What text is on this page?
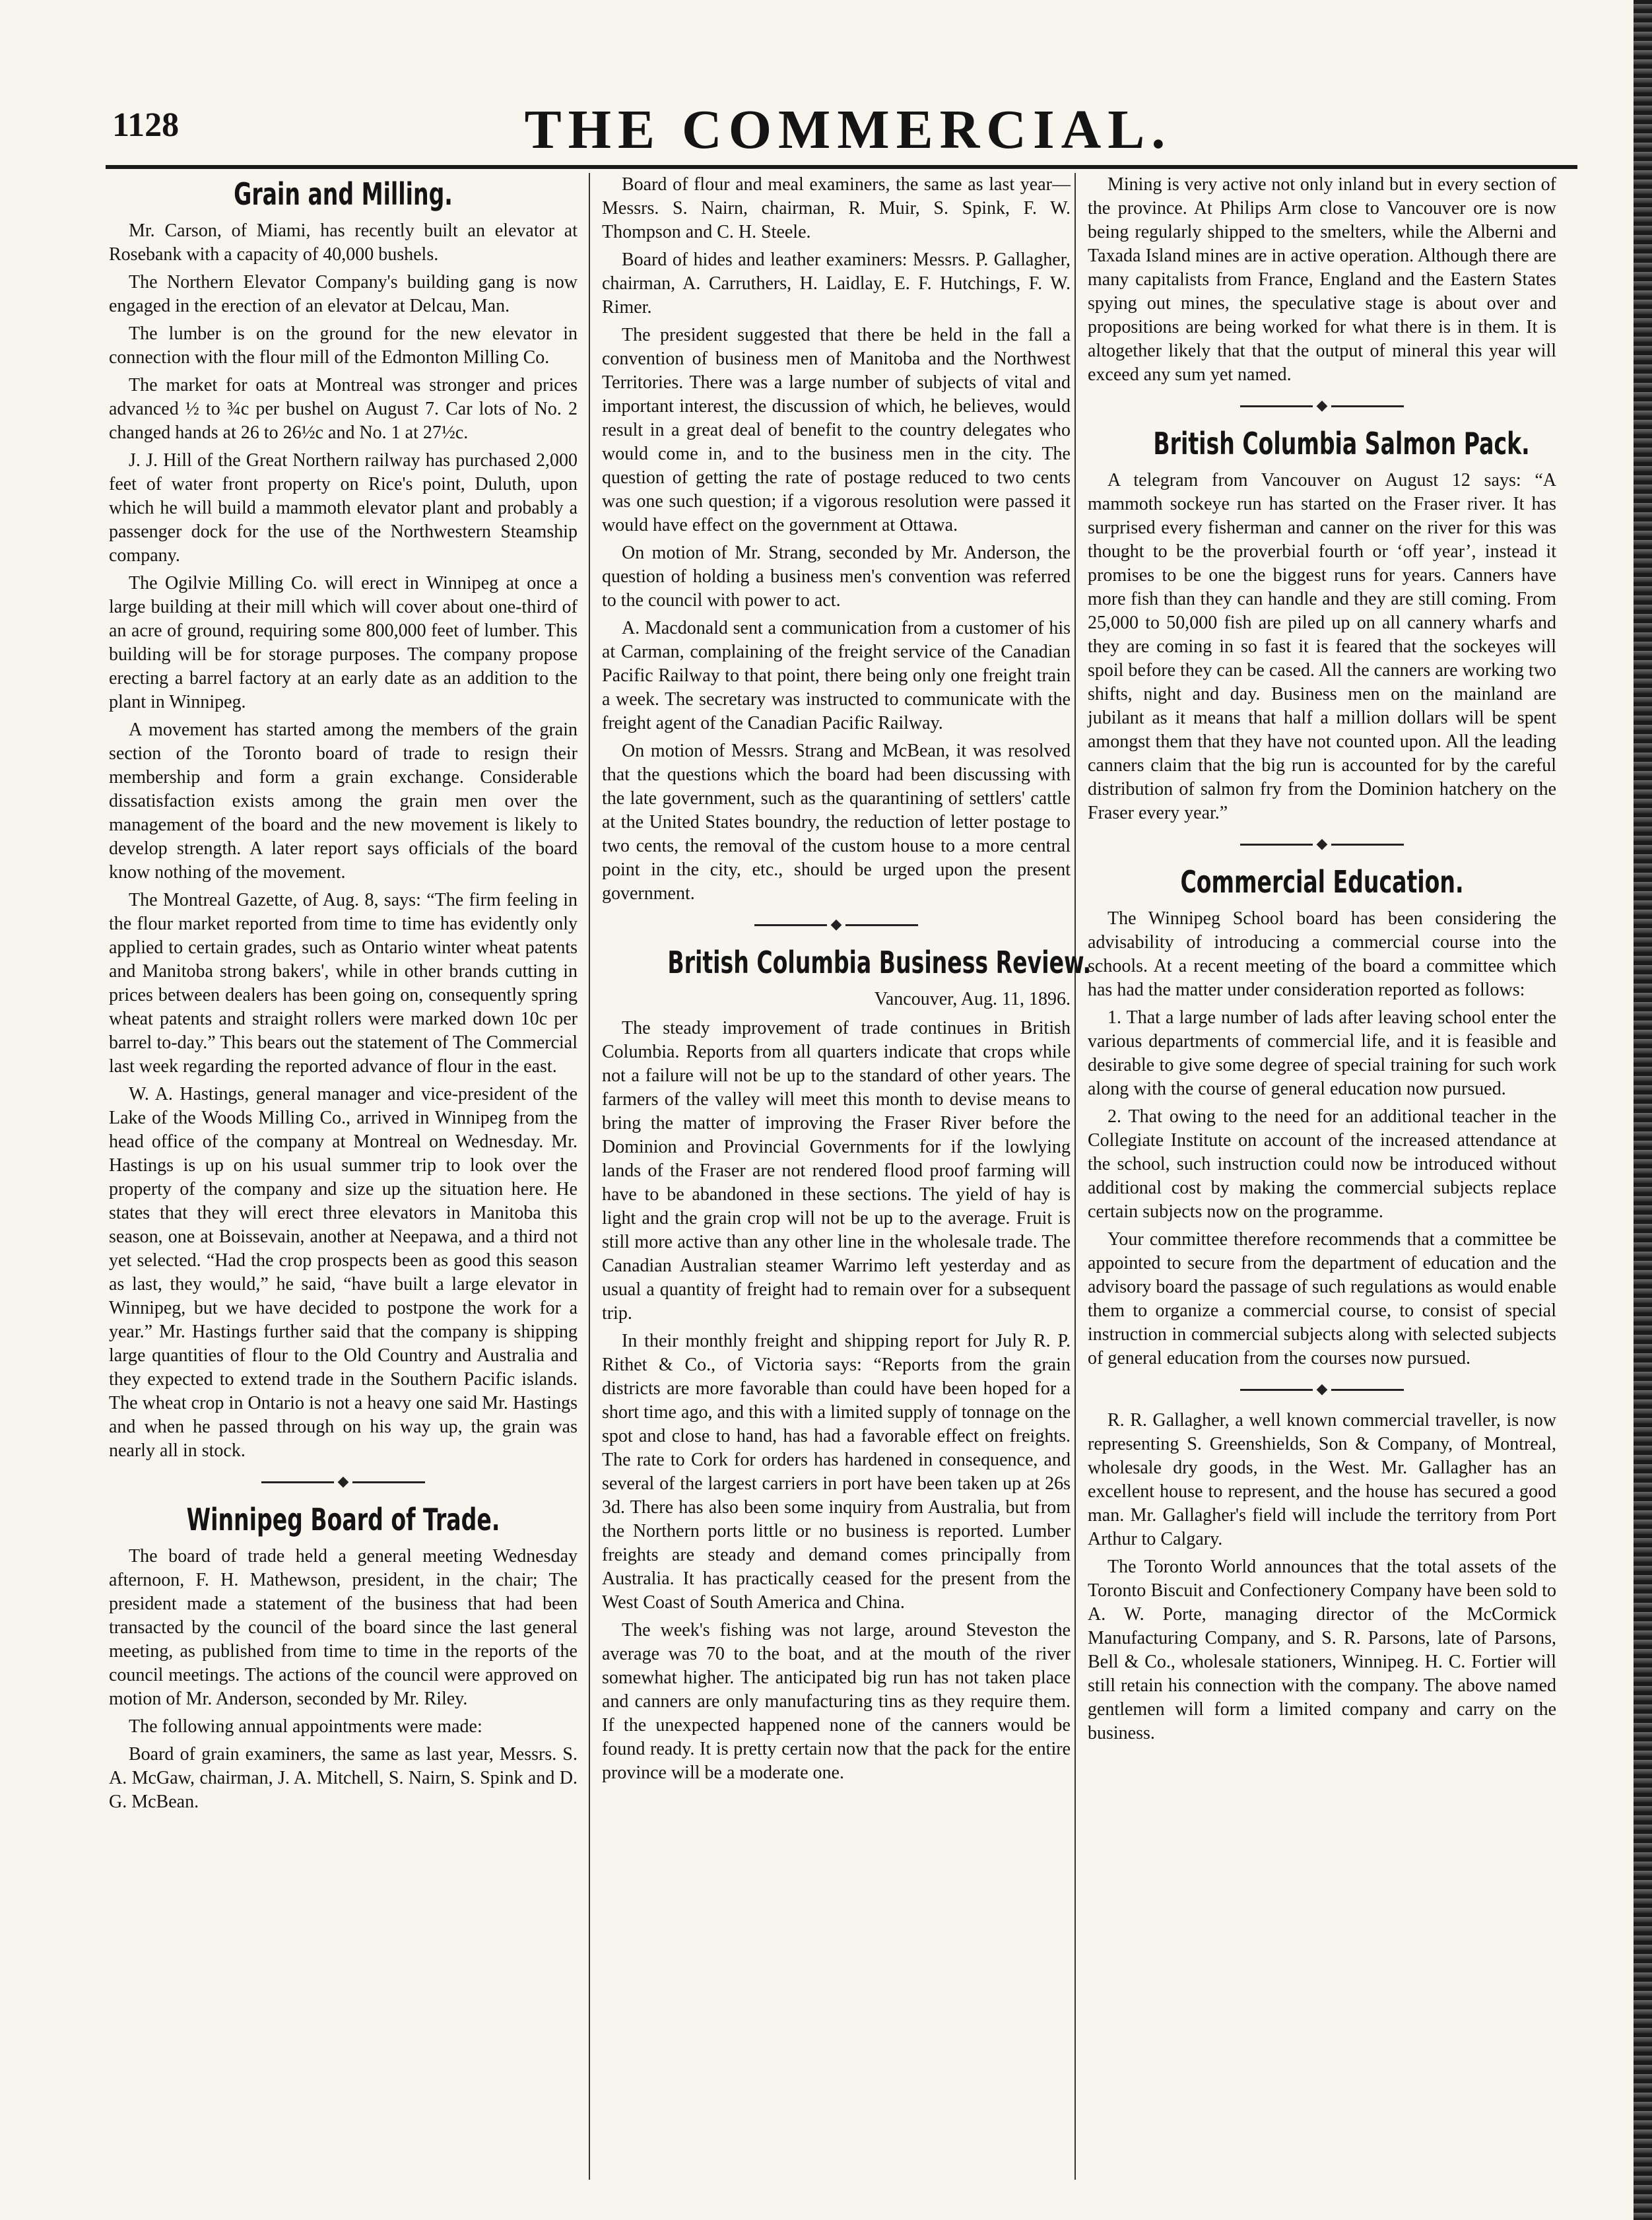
1128	THE COMMERCIAL.
Grain and Milling.

Mr. Carson, of Miami, has recently built an elevator at Rosebank with a capacity of 40,000 bushels.

The Northern Elevator Company's building gang is now engaged in the erection of an elevator at Delcau, Man.

The lumber is on the ground for the new elevator in connection with the flour mill of the Edmonton Milling Co.

The market for oats at Montreal was stronger and prices advanced ½ to ¾c per bushel on August 7. Car lots of No. 2 changed hands at 26 to 26½c and No. 1 at 27½c.

J. J. Hill of the Great Northern railway has purchased 2,000 feet of water front property on Rice's point, Duluth, upon which he will build a mammoth elevator plant and probably a passenger dock for the use of the Northwestern Steamship company.

The Ogilvie Milling Co. will erect in Winnipeg at once a large building at their mill which will cover about one-third of an acre of ground, requiring some 800,000 feet of lumber. This building will be for storage purposes. The company propose erecting a barrel factory at an early date as an addition to the plant in Winnipeg.

A movement has started among the members of the grain section of the Toronto board of trade to resign their membership and form a grain exchange. Considerable dissatisfaction exists among the grain men over the management of the board and the new movement is likely to develop strength. A later report says officials of the board know nothing of the movement.

The Montreal Gazette, of Aug. 8, says: “The firm feeling in the flour market reported from time to time has evidently only applied to certain grades, such as Ontario winter wheat patents and Manitoba strong bakers', while in other brands cutting in prices between dealers has been going on, consequently spring wheat patents and straight rollers were marked down 10c per barrel to-day.” This bears out the statement of The Commercial last week regarding the reported advance of flour in the east.

W. A. Hastings, general manager and vice-president of the Lake of the Woods Milling Co., arrived in Winnipeg from the head office of the company at Montreal on Wednesday. Mr. Hastings is up on his usual summer trip to look over the property of the company and size up the situation here. He states that they will erect three elevators in Manitoba this season, one at Boissevain, another at Neepawa, and a third not yet selected. “Had the crop prospects been as good this season as last, they would,” he said, “have built a large elevator in Winnipeg, but we have decided to postpone the work for a year.” Mr. Hastings further said that the company is shipping large quantities of flour to the Old Country and Australia and they expected to extend trade in the Southern Pacific islands. The wheat crop in Ontario is not a heavy one said Mr. Hastings and when he passed through on his way up, the grain was nearly all in stock.

◆
Winnipeg Board of Trade.

The board of trade held a general meeting Wednesday afternoon, F. H. Mathewson, president, in the chair; The president made a statement of the business that had been transacted by the council of the board since the last general meeting, as published from time to time in the reports of the council meetings. The actions of the council were approved on motion of Mr. Anderson, seconded by Mr. Riley.

The following annual appointments were made:

Board of grain examiners, the same as last year, Messrs. S. A. McGaw, chairman, J. A. Mitchell, S. Nairn, S. Spink and D. G. McBean.

Board of flour and meal examiners, the same as last year—Messrs. S. Nairn, chairman, R. Muir, S. Spink, F. W. Thompson and C. H. Steele.

Board of hides and leather examiners: Messrs. P. Gallagher, chairman, A. Carruthers, H. Laidlay, E. F. Hutchings, F. W. Rimer.

The president suggested that there be held in the fall a convention of business men of Manitoba and the Northwest Territories. There was a large number of subjects of vital and important interest, the discussion of which, he believes, would result in a great deal of benefit to the country delegates who would come in, and to the business men in the city. The question of getting the rate of postage reduced to two cents was one such question; if a vigorous resolution were passed it would have effect on the government at Ottawa.

On motion of Mr. Strang, seconded by Mr. Anderson, the question of holding a business men's convention was referred to the council with power to act.

A. Macdonald sent a communication from a customer of his at Carman, complaining of the freight service of the Canadian Pacific Railway to that point, there being only one freight train a week. The secretary was instructed to communicate with the freight agent of the Canadian Pacific Railway.

On motion of Messrs. Strang and McBean, it was resolved that the questions which the board had been discussing with the late government, such as the quarantining of settlers' cattle at the United States boundry, the reduction of letter postage to two cents, the removal of the custom house to a more central point in the city, etc., should be urged upon the present government.

◆
British Columbia Business Review.
Vancouver, Aug. 11, 1896.

The steady improvement of trade continues in British Columbia. Reports from all quarters indicate that crops while not a failure will not be up to the standard of other years. The farmers of the valley will meet this month to devise means to bring the matter of improving the Fraser River before the Dominion and Provincial Governments for if the lowlying lands of the Fraser are not rendered flood proof farming will have to be abandoned in these sections. The yield of hay is light and the grain crop will not be up to the average. Fruit is still more active than any other line in the wholesale trade. The Canadian Australian steamer Warrimo left yesterday and as usual a quantity of freight had to remain over for a subsequent trip.

In their monthly freight and shipping report for July R. P. Rithet & Co., of Victoria says: “Reports from the grain districts are more favorable than could have been hoped for a short time ago, and this with a limited supply of tonnage on the spot and close to hand, has had a favorable effect on freights. The rate to Cork for orders has hardened in consequence, and several of the largest carriers in port have been taken up at 26s 3d. There has also been some inquiry from Australia, but from the Northern ports little or no business is reported. Lumber freights are steady and demand comes principally from Australia. It has practically ceased for the present from the West Coast of South America and China.

The week's fishing was not large, around Steveston the average was 70 to the boat, and at the mouth of the river somewhat higher. The anticipated big run has not taken place and canners are only manufacturing tins as they require them. If the unexpected happened none of the canners would be found ready. It is pretty certain now that the pack for the entire province will be a moderate one.

Mining is very active not only inland but in every section of the province. At Philips Arm close to Vancouver ore is now being regularly shipped to the smelters, while the Alberni and Taxada Island mines are in active operation. Although there are many capitalists from France, England and the Eastern States spying out mines, the speculative stage is about over and propositions are being worked for what there is in them. It is altogether likely that that the output of mineral this year will exceed any sum yet named.

◆
British Columbia Salmon Pack.

A telegram from Vancouver on August 12 says: “A mammoth sockeye run has started on the Fraser river. It has surprised every fisherman and canner on the river for this was thought to be the proverbial fourth or ‘off year’, instead it promises to be one the biggest runs for years. Canners have more fish than they can handle and they are still coming. From 25,000 to 50,000 fish are piled up on all cannery wharfs and they are coming in so fast it is feared that the sockeyes will spoil before they can be cased. All the canners are working two shifts, night and day. Business men on the mainland are jubilant as it means that half a million dollars will be spent amongst them that they have not counted upon. All the leading canners claim that the big run is accounted for by the careful distribution of salmon fry from the Dominion hatchery on the Fraser every year.”

◆
Commercial Education.

The Winnipeg School board has been considering the advisability of introducing a commercial course into the schools. At a recent meeting of the board a committee which has had the matter under consideration reported as follows:

1. That a large number of lads after leaving school enter the various departments of commercial life, and it is feasible and desirable to give some degree of special training for such work along with the course of general education now pursued.

2. That owing to the need for an additional teacher in the Collegiate Institute on account of the increased attendance at the school, such instruction could now be introduced without additional cost by making the commercial subjects replace certain subjects now on the programme.

Your committee therefore recommends that a committee be appointed to secure from the department of education and the advisory board the passage of such regulations as would enable them to organize a commercial course, to consist of special instruction in commercial subjects along with selected subjects of general education from the courses now pursued.

◆

R. R. Gallagher, a well known commercial traveller, is now representing S. Greenshields, Son & Company, of Montreal, wholesale dry goods, in the West. Mr. Gallagher has an excellent house to represent, and the house has secured a good man. Mr. Gallagher's field will include the territory from Port Arthur to Calgary.

The Toronto World announces that the total assets of the Toronto Biscuit and Confectionery Company have been sold to A. W. Porte, managing director of the McCormick Manufacturing Company, and S. R. Parsons, late of Parsons, Bell & Co., wholesale stationers, Winnipeg. H. C. Fortier will still retain his connection with the company. The above named gentlemen will form a limited company and carry on the business.
